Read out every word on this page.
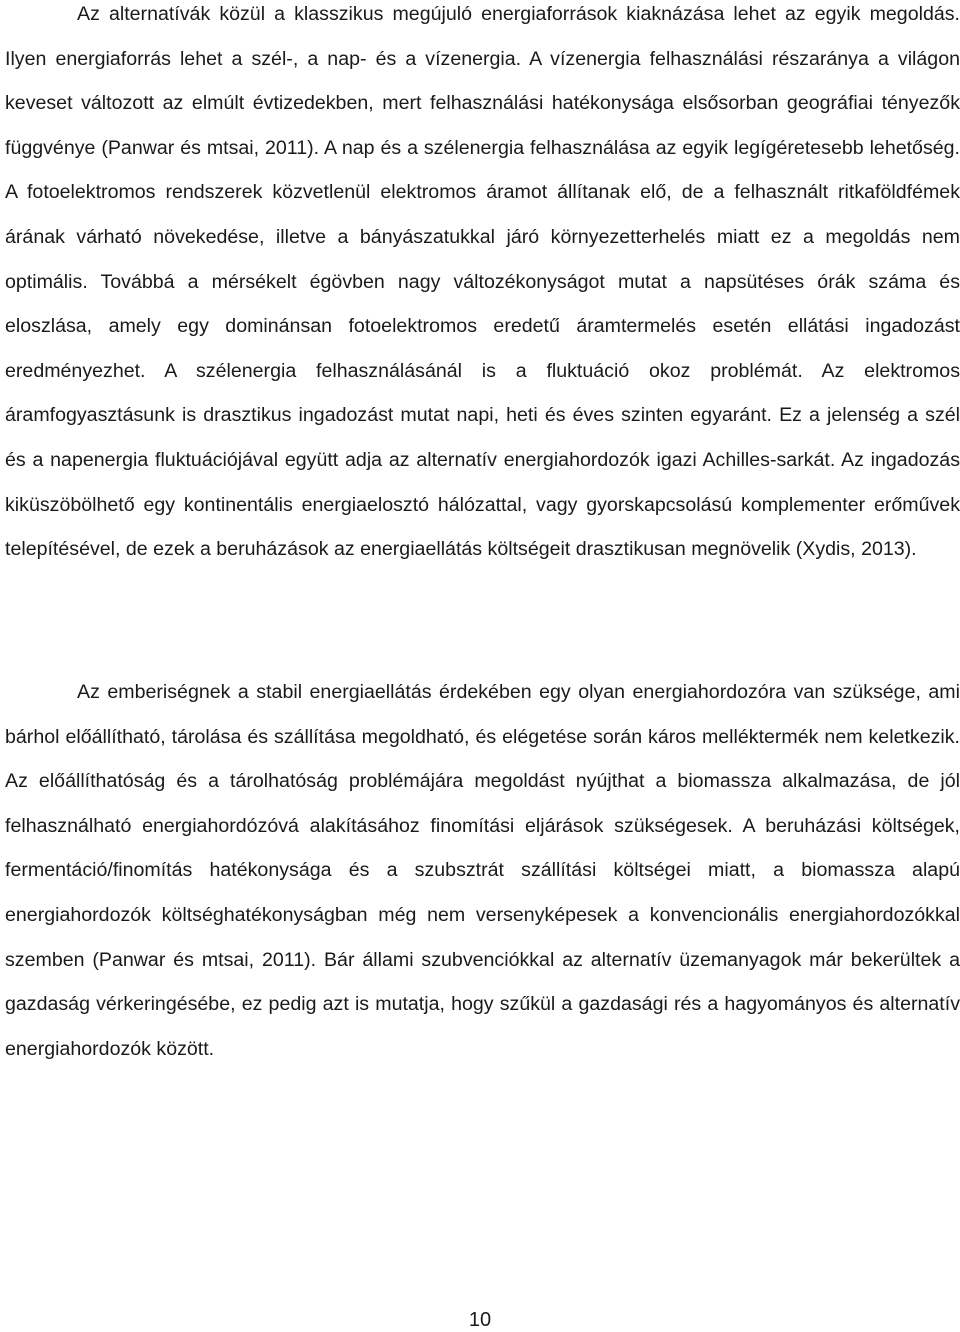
Az alternatívák közül a klasszikus megújuló energiaforrások kiaknázása lehet az egyik megoldás. Ilyen energiaforrás lehet a szél-, a nap- és a vízenergia. A vízenergia felhasználási részaránya a világon keveset változott az elmúlt évtizedekben, mert felhasználási hatékonysága elsősorban geográfiai tényezők függvénye (Panwar és mtsai, 2011). A nap és a szélenergia felhasználása az egyik legígéretesebb lehetőség. A fotoelektromos rendszerek közvetlenül elektromos áramot állítanak elő, de a felhasznált ritkaföldfémek árának várható növekedése, illetve a bányászatukkal járó környezetterhelés miatt ez a megoldás nem optimális. Továbbá a mérsékelt égövben nagy változékonyságot mutat a napsütéses órák száma és eloszlása, amely egy dominánsan fotoelektromos eredetű áramtermelés esetén ellátási ingadozást eredményezhet. A szélenergia felhasználásánál is a fluktuáció okoz problémát. Az elektromos áramfogyasztásunk is drasztikus ingadozást mutat napi, heti és éves szinten egyaránt. Ez a jelenség a szél és a napenergia fluktuációjával együtt adja az alternatív energiahordozók igazi Achilles-sarkát. Az ingadozás kiküszöbölhető egy kontinentális energiaelosztó hálózattal, vagy gyorskapcsolású komplementer erőművek telepítésével, de ezek a beruházások az energiaellátás költségeit drasztikusan megnövelik (Xydis, 2013).

Az emberiségnek a stabil energiaellátás érdekében egy olyan energiahordozóra van szüksége, ami bárhol előállítható, tárolása és szállítása megoldható, és elégetése során káros melléktermék nem keletkezik. Az előállíthatóság és a tárolhatóság problémájára megoldást nyújthat a biomassza alkalmazása, de jól felhasználható energiahordózóvá alakításához finomítási eljárások szükségesek. A beruházási költségek, fermentáció/finomítás hatékonysága és a szubsztrát szállítási költségei miatt, a biomassza alapú energiahordozók költséghatékonyságban még nem versenyképesek a konvencionális energiahordozókkal szemben (Panwar és mtsai, 2011). Bár állami szubvenciókkal az alternatív üzemanyagok már bekerültek a gazdaság vérkeringésébe, ez pedig azt is mutatja, hogy szűkül a gazdasági rés a hagyományos és alternatív energiahordozók között.

10
